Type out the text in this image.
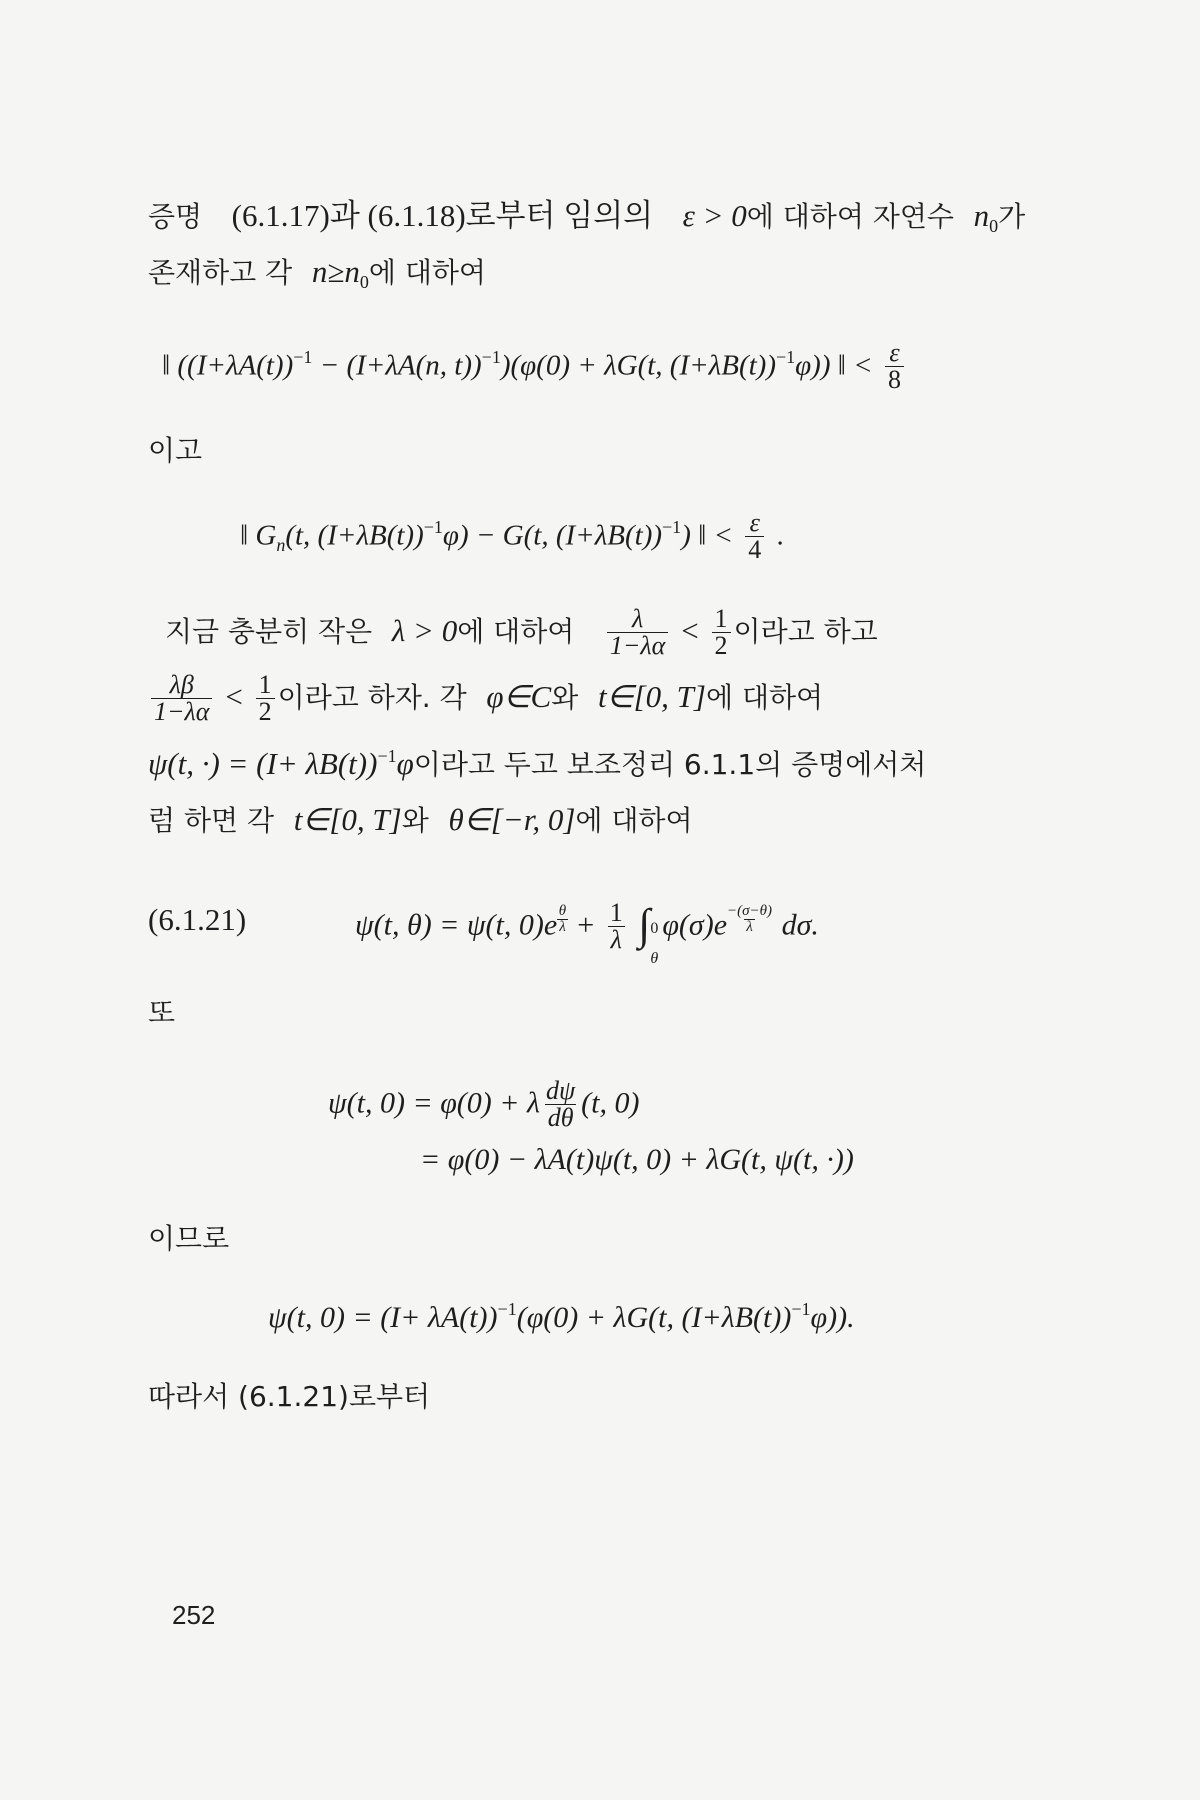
증명 (6.1.17)과 (6.1.18)로부터 임의의 ε > 0에 대하여 자연수 n0가
존재하고 각 n≥n0에 대하여
‖ ($(I+\lambda A(t))^{-1} - (I+\lambda A(n$, t))$^{-1}$)(φ(0) + λG(t, $(I+\lambda B(t))^{-1}\varphi$)) ‖ < $\frac{\varepsilon}{8}$
이고
‖ $G_n(t$, $(I+\lambda B(t))^{-1}\varphi) - G(t$, $(I+\lambda B(t))^{-1}$) ‖ < $\frac{\varepsilon}{4}$ .
지금 충분히 작은 λ > 0에 대하여 $\frac{\lambda}{1-\lambda\alpha} < \frac{1}{2}$ 이라고 하고
$\frac{\lambda\beta}{1-\lambda\alpha} < \frac{1}{2}$ 이라고 하자. 각 φ∈C와 t∈[0, T]에 대하여
ψ(t, ·) = $(I+ \lambda B(t))^{-1}\varphi$이라고 두고 보조정리 6.1.1의 증명에서처
럼 하면 각 t∈[0, T]와 θ∈[−r, 0]에 대하여
(6.1.21)	ψ(t, θ) = ψ(t, $0)e \frac{\theta}{\lambda} + \frac{1}{\lambda}$ ∫ 0
θ
$\varphi(\sigma)e \frac{-(\sigma-\theta)}{\lambda} d\sigma$.
또
ψ(t, 0) = φ(0) + λ $\frac{d\psi}{d\theta} (t$, 0)
= φ(0) − λA(t)ψ(t, 0) + λG(t, ψ(t, ·))
이므로
ψ(t, $0) = (I+ \lambda A(t))^{-1}(\varphi(0) + \lambda G(t$, $(I+\lambda B(t))^{-1}\varphi$)).
따라서 (6.1.21)로부터
252
